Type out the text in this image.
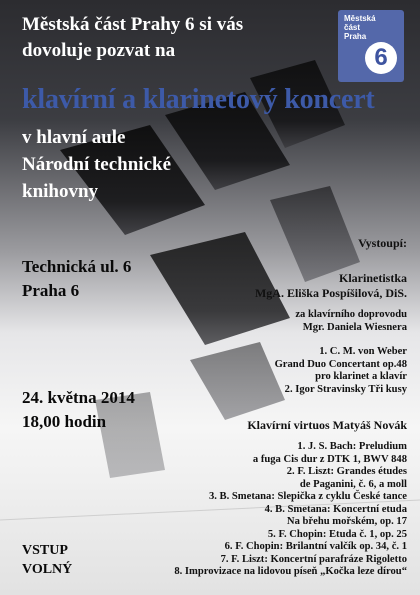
Městská část Prahy 6 si vás
dovoluje pozvat na
klavírní a klarinetový koncert
v hlavní aule
Národní technické
knihovny
Městská
část
Praha
6
Technická ul. 6
Praha 6
24. května 2014
18,00 hodin
VSTUP
VOLNÝ
Vystoupí:
Klarinetistka
MgA. Eliška Pospíšilová, DiS.
za klavírního doprovodu
Mgr. Daniela Wiesnera
1. C. M. von Weber
Grand Duo Concertant op.48
pro klarinet a klavír
2. Igor Stravinsky Tři kusy
Klavírní virtuos Matyáš Novák
1. J. S. Bach: Preludium
a fuga Cis dur z DTK 1, BWV 848
2. F. Liszt: Grandes études
de Paganini, č. 6, a moll
3. B. Smetana: Slepička z cyklu České tance
4. B. Smetana: Koncertní etuda
Na břehu mořském, op. 17
5. F. Chopin: Etuda č. 1, op. 25
6. F. Chopin: Brilantní valčík op. 34, č. 1
7. F. Liszt: Koncertní parafráze Rigoletto
8. Improvizace na lidovou píseň „Kočka leze dírou“
